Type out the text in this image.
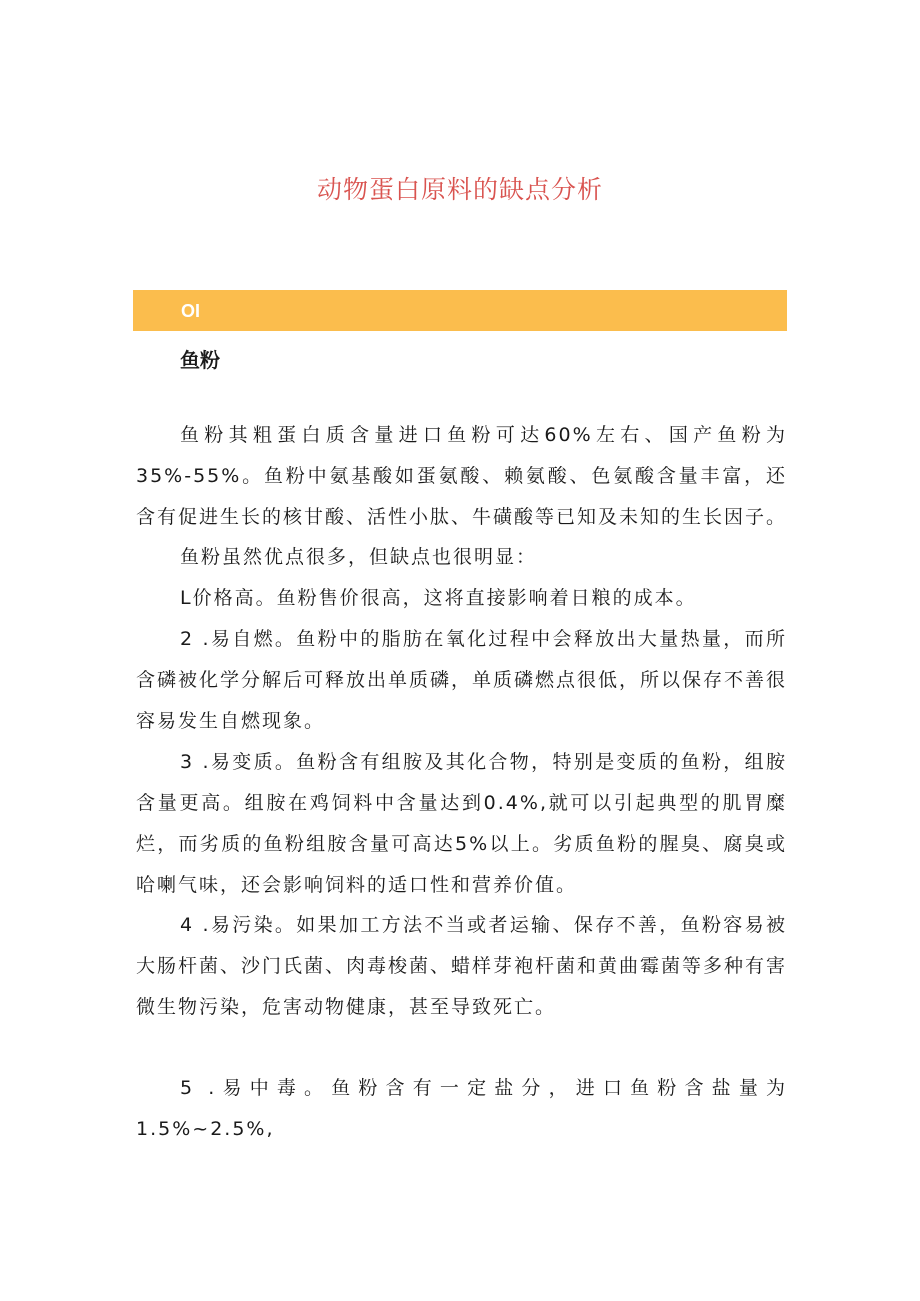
动物蛋白原料的缺点分析
OI
鱼粉

鱼粉其粗蛋白质含量进口鱼粉可达60%左右、国产鱼粉为35%-55%。鱼粉中氨基酸如蛋氨酸、赖氨酸、色氨酸含量丰富，还含有促进生长的核甘酸、活性小肽、牛磺酸等已知及未知的生长因子。

鱼粉虽然优点很多，但缺点也很明显：

L价格高。鱼粉售价很高，这将直接影响着日粮的成本。

2 .易自燃。鱼粉中的脂肪在氧化过程中会释放出大量热量，而所含磷被化学分解后可释放出单质磷，单质磷燃点很低，所以保存不善很容易发生自燃现象。

3 .易变质。鱼粉含有组胺及其化合物，特别是变质的鱼粉，组胺含量更高。组胺在鸡饲料中含量达到0.4%,就可以引起典型的肌胃糜烂，而劣质的鱼粉组胺含量可高达5%以上。劣质鱼粉的腥臭、腐臭或哈喇气味，还会影响饲料的适口性和营养价值。

4 .易污染。如果加工方法不当或者运输、保存不善，鱼粉容易被大肠杆菌、沙门氏菌、肉毒梭菌、蜡样芽袍杆菌和黄曲霉菌等多种有害微生物污染，危害动物健康，甚至导致死亡。

5 .易中毒。鱼粉含有一定盐分，进口鱼粉含盐量为1.5%~2.5%,
